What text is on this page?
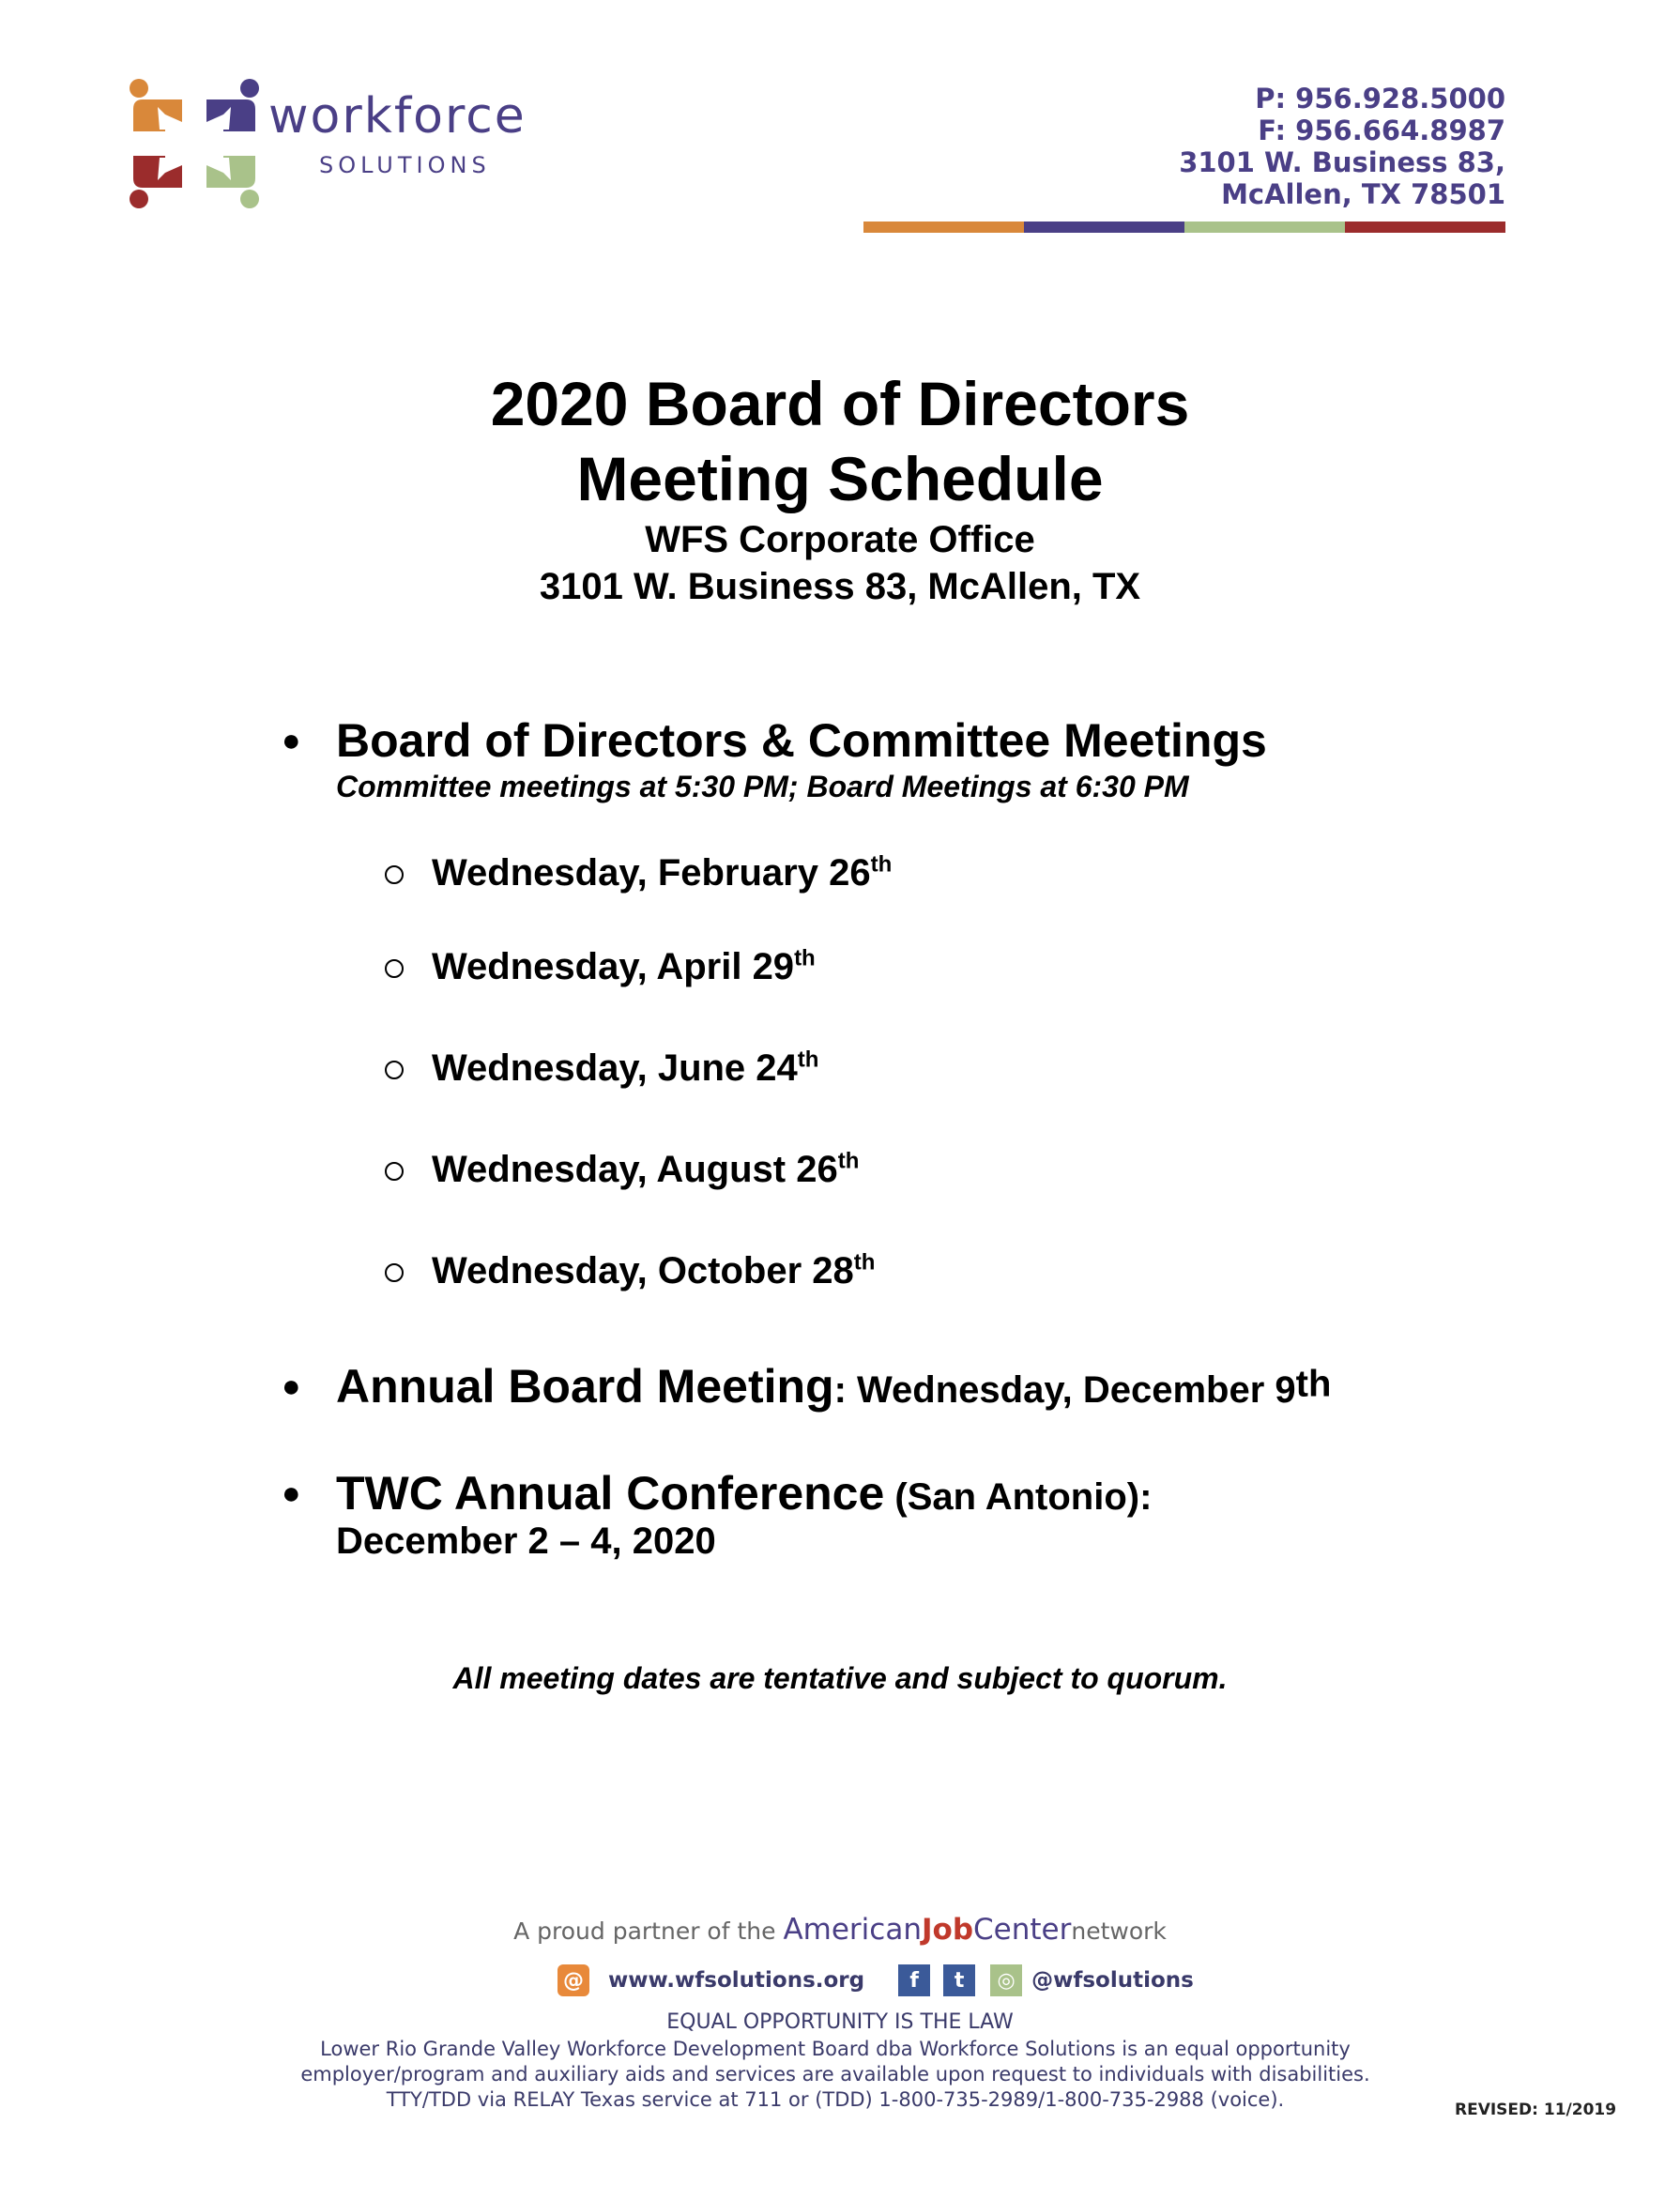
workforce
SOLUTIONS
P: 956.928.5000
F: 956.664.8987
3101 W. Business 83,
McAllen, TX 78501
2020 Board of Directors
Meeting Schedule
WFS Corporate Office
3101 W. Business 83, McAllen, TX
● Board of Directors & Committee Meetings
Committee meetings at 5:30 PM; Board Meetings at 6:30 PM
Wednesday, February 26th
Wednesday, April 29th
Wednesday, June 24th
Wednesday, August 26th
Wednesday, October 28th
● Annual Board Meeting: Wednesday, December 9th
● TWC Annual Conference (San Antonio):
December 2 – 4, 2020
All meeting dates are tentative and subject to quorum.
A proud partner of the AmericanJobCenternetwork
@ www.wfsolutions.org	f	t	◎ @wfsolutions
EQUAL OPPORTUNITY IS THE LAW
Lower Rio Grande Valley Workforce Development Board dba Workforce Solutions is an equal opportunity
employer/program and auxiliary aids and services are available upon request to individuals with disabilities.
TTY/TDD via RELAY Texas service at 711 or (TDD) 1-800-735-2989/1-800-735-2988 (voice).	REVISED: 11/2019
